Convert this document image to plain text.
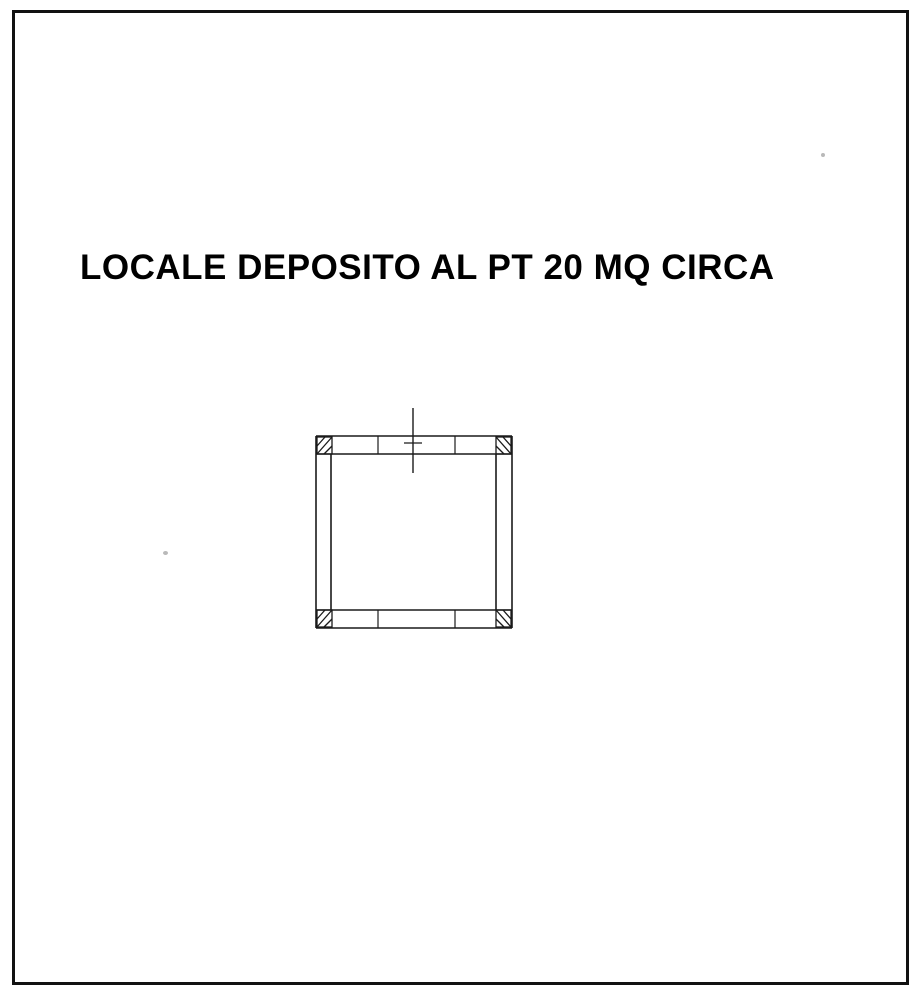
LOCALE DEPOSITO AL PT 20 MQ CIRCA
